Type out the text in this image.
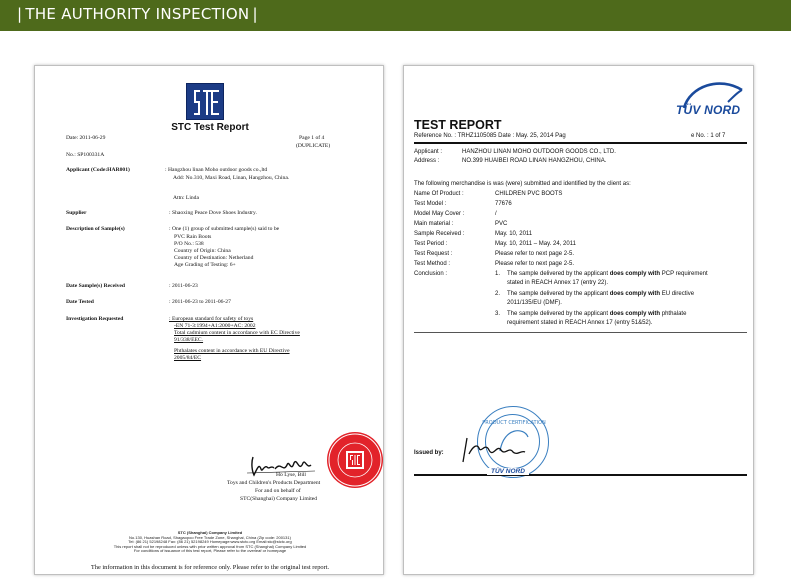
| THE AUTHORITY INSPECTION |
STC Test Report
Date: 2011-06-29	Page 1 of 4
(DUPLICATE)
No.: SP100331A
Applicant (Code:HAR001)	: Hangzhou linan Moho outdoor goods co.,ltd
Add: No.310, Maxi Road, Linan, Hangzhou, China.
Attn: Linda
Supplier	: Shaoxing Peace Dove Shoes Industry.
Description of Sample(s)	: One (1) group of submitted sample(s) said to be
PVC Rain Boots
P/O No.: 538
Country of Origin: China
Country of Destination: Netherland
Age Grading of Testing: 6+
Date Sample(s) Received	: 2011-06-23
Date Tested	: 2011-06-23 to 2011-06-27
Investigation Requested	: European standard for safety of toys
-EN 71-3:1994+A1:2000+AC: 2002
Total cadmium content in accordance with EC Directive
91/338/EEC.
Phthalates content in accordance with EU Directive
2005/84/EC
Ho Lyse, Bill
Toys and Children's Products Department
For and on behalf of
STC(Shanghai) Company Limited
STC (Shanghai) Company Limited
No.130, Huashan Road, Shagaopoo Free Trade Zone, Shanghai, China (Zip code: 200131)
Tel: (86 21) 52198248 Fax: (86 21) 52198249 Homepage:www.stctc.org Email:stc@stctc.org
This report shall not be reproduced unless with prior written approval from STC (Shanghai) Company Limited
For conditions of issuance of this test report, Please refer to the overleaf or homepage
The information in this document is for reference only. Please refer to the original test report.
TÜV NORD
TEST REPORT
Reference No. : TRHZ1105085 Date : May. 25, 2014 Pag	e No. : 1 of 7
Applicant :	HANZHOU LINAN MOHO OUTDOOR GOODS CO., LTD.
Address :	NO.399 HUAIBEI ROAD LINAN HANGZHOU, CHINA.
The following merchandise is was (were) submitted and identified by the client as:
Name Of Product :	CHILDREN PVC BOOTS
Test Model :	77676
Model May Cover :	/
Main material :	PVC
Sample Received :	May. 10, 2011
Test Period :	May. 10, 2011 – May. 24, 2011
Test Request :	Please refer to next page 2-5.
Test Method :	Please refer to next page 2-5.
Conclusion :	1. The sample delivered by the applicant does comply with PCP requirement
stated in REACH Annex 17 (entry 22).
2. The sample delivered by the applicant does comply with EU directive
2011/135/EU (DMF).
3. The sample delivered by the applicant does comply with phthalate
requirement stated in REACH Annex 17 (entry 51&52).
PRODUCT CERTIFICATION
Issued by:
TÜV NORD
